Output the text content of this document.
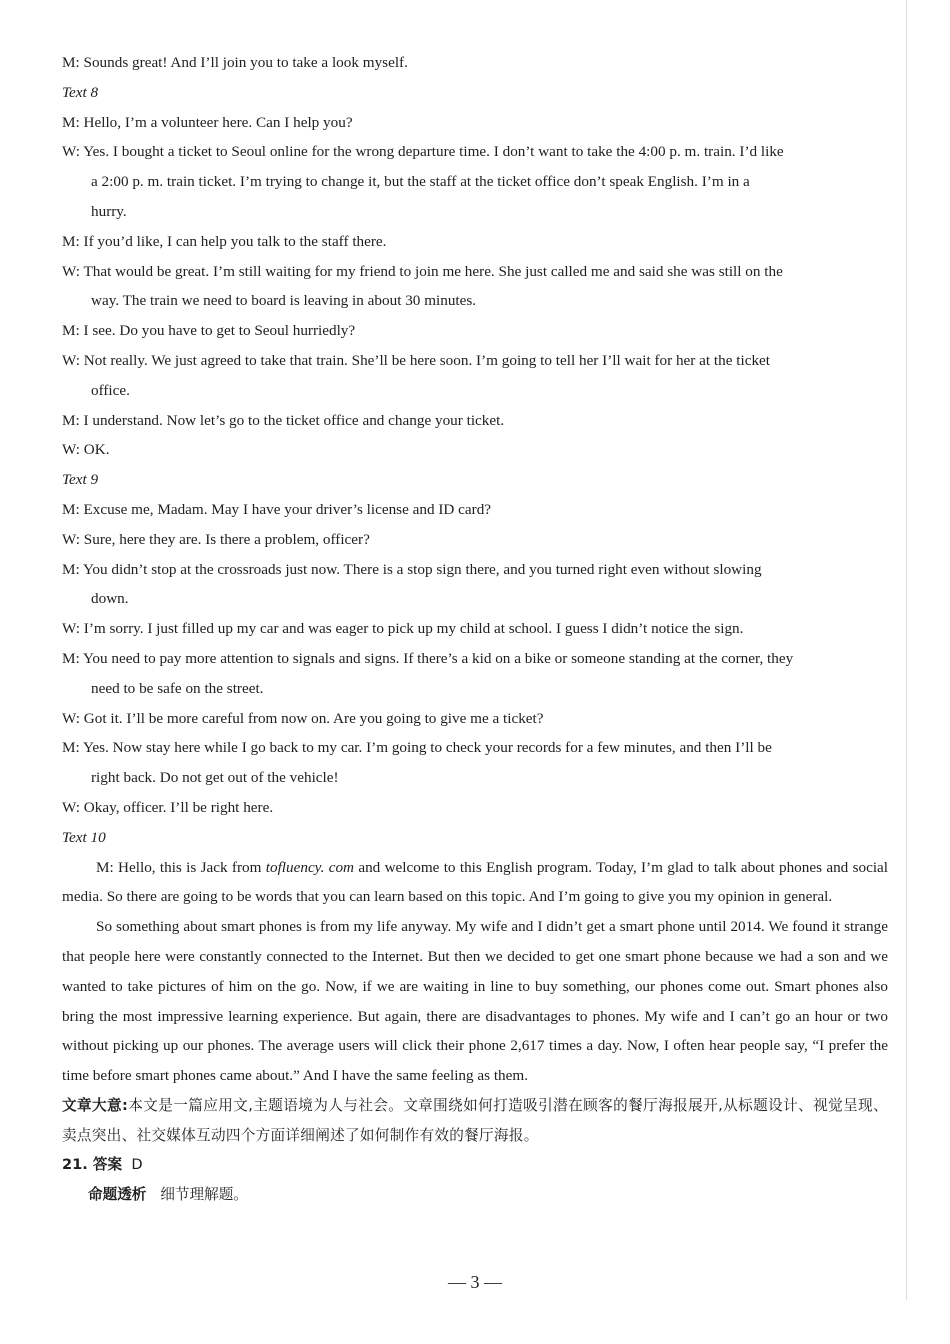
M: Sounds great! And I’ll join you to take a look myself.

Text 8

M: Hello, I’m a volunteer here. Can I help you?

W: Yes. I bought a ticket to Seoul online for the wrong departure time. I don’t want to take the 4:00 p. m. train. I’d like

a 2:00 p. m. train ticket. I’m trying to change it, but the staff at the ticket office don’t speak English. I’m in a

hurry.

M: If you’d like, I can help you talk to the staff there.

W: That would be great. I’m still waiting for my friend to join me here. She just called me and said she was still on the

way. The train we need to board is leaving in about 30 minutes.

M: I see. Do you have to get to Seoul hurriedly?

W: Not really. We just agreed to take that train. She’ll be here soon. I’m going to tell her I’ll wait for her at the ticket

office.

M: I understand. Now let’s go to the ticket office and change your ticket.

W: OK.

Text 9

M: Excuse me, Madam. May I have your driver’s license and ID card?

W: Sure, here they are. Is there a problem, officer?

M: You didn’t stop at the crossroads just now. There is a stop sign there, and you turned right even without slowing

down.

W: I’m sorry. I just filled up my car and was eager to pick up my child at school. I guess I didn’t notice the sign.

M: You need to pay more attention to signals and signs. If there’s a kid on a bike or someone standing at the corner, they

need to be safe on the street.

W: Got it. I’ll be more careful from now on. Are you going to give me a ticket?

M: Yes. Now stay here while I go back to my car. I’m going to check your records for a few minutes, and then I’ll be

right back. Do not get out of the vehicle!

W: Okay, officer. I’ll be right here.

Text 10

M: Hello, this is Jack from tofluency. com and welcome to this English program. Today, I’m glad to talk about phones and social media. So there are going to be words that you can learn based on this topic. And I’m going to give you my opinion in general.

So something about smart phones is from my life anyway. My wife and I didn’t get a smart phone until 2014. We found it strange that people here were constantly connected to the Internet. But then we decided to get one smart phone because we had a son and we wanted to take pictures of him on the go. Now, if we are waiting in line to buy something, our phones come out. Smart phones also bring the most impressive learning experience. But again, there are disadvantages to phones. My wife and I can’t go an hour or two without picking up our phones. The average users will click their phone 2,617 times a day. Now, I often hear people say, “I prefer the time before smart phones came about.” And I have the same feeling as them.

文章大意:本文是一篇应用文,主题语境为人与社会。文章围绕如何打造吸引潜在顾客的餐厅海报展开,从标题设计、视觉呈现、卖点突出、社交媒体互动四个方面详细阐述了如何制作有效的餐厅海报。

21. 答案 D

命题透析 细节理解题。

— 3 —
